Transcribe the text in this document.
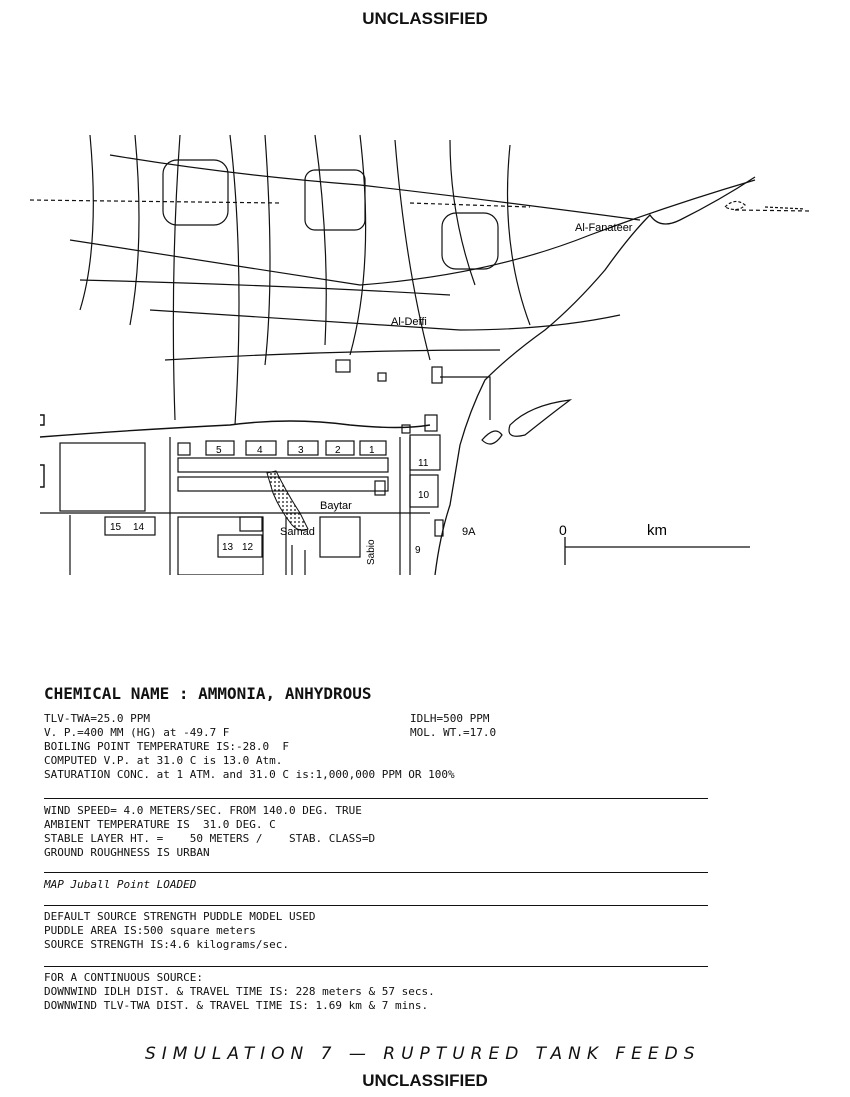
UNCLASSIFIED
Al-Fanateer
Al-Deffi
Baytar
Samad
Sabio
9A	0	km
5	4	3	2	1
11
10
15 14
13 12	9
CHEMICAL NAME : AMMONIA, ANHYDROUS
TLV-TWA=25.0 PPM	IDLH=500 PPM
V. P.=400 MM (HG) at -49.7 F	MOL. WT.=17.0
BOILING POINT TEMPERATURE IS:-28.0  F
COMPUTED V.P. at 31.0 C is 13.0 Atm.
SATURATION CONC. at 1 ATM. and 31.0 C is:1,000,000 PPM OR 100%
WIND SPEED= 4.0 METERS/SEC. FROM 140.0 DEG. TRUE
AMBIENT TEMPERATURE IS  31.0 DEG. C
STABLE LAYER HT. =    50 METERS /    STAB. CLASS=D
GROUND ROUGHNESS IS URBAN
MAP Juball Point LOADED
DEFAULT SOURCE STRENGTH PUDDLE MODEL USED
PUDDLE AREA IS:500 square meters
SOURCE STRENGTH IS:4.6 kilograms/sec.
FOR A CONTINUOUS SOURCE:
DOWNWIND IDLH DIST. & TRAVEL TIME IS: 228 meters & 57 secs.
DOWNWIND TLV-TWA DIST. & TRAVEL TIME IS: 1.69 km & 7 mins.
SIMULATION 7 — RUPTURED TANK FEEDS
UNCLASSIFIED
